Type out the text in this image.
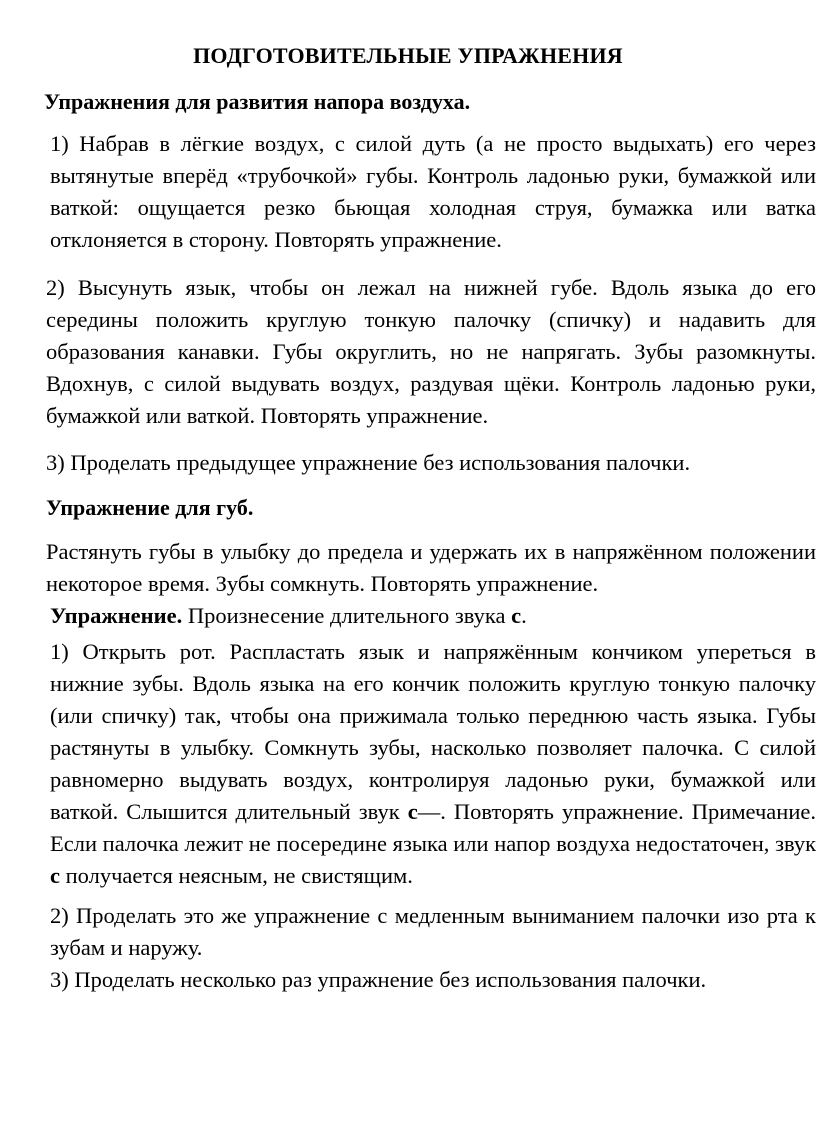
ПОДГОТОВИТЕЛЬНЫЕ УПРАЖНЕНИЯ
Упражнения для развития напора воздуха.

1) Набрав в лёгкие воздух, с силой дуть (а не просто выдыхать) его через вытянутые вперёд «трубочкой» губы. Контроль ладонью руки, бумажкой или ваткой: ощущается резко бьющая холодная струя, бумажка или ватка отклоняется в сторону. Повторять упражнение.

2) Высунуть язык, чтобы он лежал на нижней губе. Вдоль языка до его середины положить круглую тонкую палочку (спичку) и надавить для образования канавки. Губы округлить, но не напрягать. Зубы разомкнуты. Вдохнув, с силой выдувать воздух, раздувая щёки. Контроль ладонью руки, бумажкой или ваткой. Повторять упражнение.

3) Проделать предыдущее упражнение без использования палочки.

Упражнение для губ.

Растянуть губы в улыбку до предела и удержать их в напряжённом положении некоторое время. Зубы сомкнуть. Повторять упражнение.

Упражнение. Произнесение длительного звука с.

1) Открыть рот. Распластать язык и напряжённым кончиком упереться в нижние зубы. Вдоль языка на его кончик положить круглую тонкую палочку (или спичку) так, чтобы она прижимала только переднюю часть языка. Губы растянуты в улыбку. Сомкнуть зубы, насколько позволяет палочка. С силой равномерно выдувать воздух, контролируя ладонью руки, бумажкой или ваткой. Слышится длительный звук с—. Повторять упражнение. Примечание. Если палочка лежит не посередине языка или напор воздуха недостаточен, звук с получается неясным, не свистящим.

2) Проделать это же упражнение с медленным выниманием палочки изо рта к зубам и наружу.

3) Проделать несколько раз упражнение без использования палочки.
